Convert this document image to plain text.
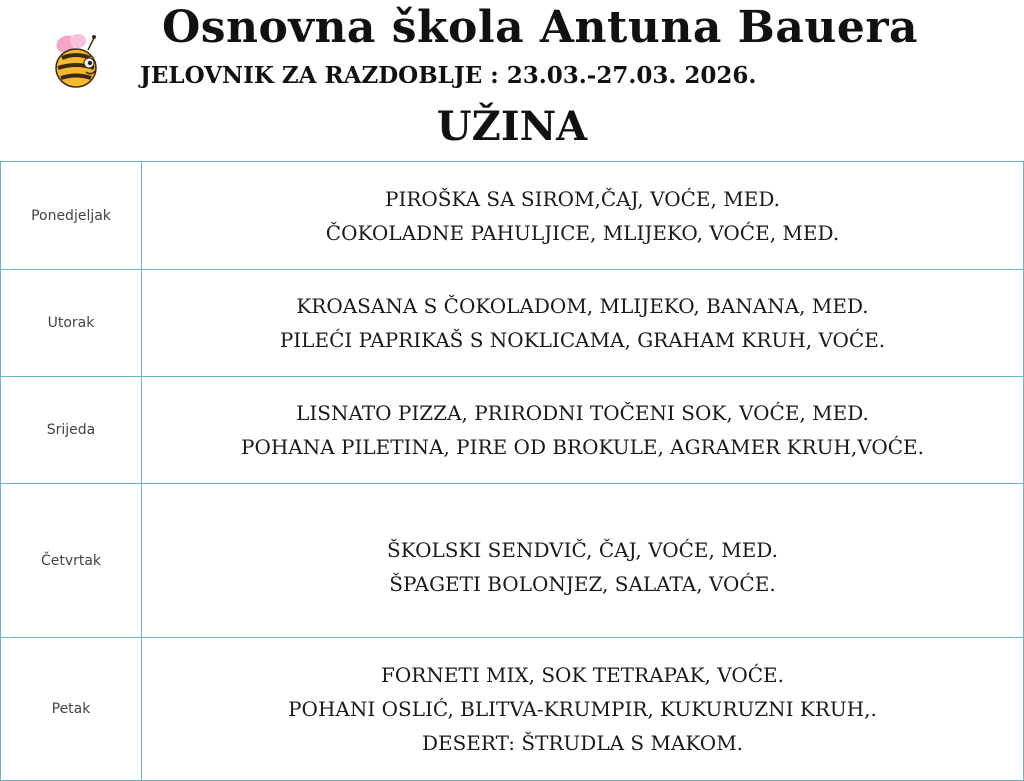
Osnovna škola Antuna Bauera
JELOVNIK ZA RAZDOBLJE : 23.03.-27.03. 2026.
UŽINA
Ponedjeljak	PIROŠKA SA SIROM,ČAJ, VOĆE, MED.
ČOKOLADNE PAHULJICE, MLIJEKO, VOĆE, MED.

Utorak	KROASANA S ČOKOLADOM, MLIJEKO, BANANA, MED.
PILEĆI PAPRIKAŠ S NOKLICAMA, GRAHAM KRUH, VOĆE.

Srijeda	LISNATO PIZZA, PRIRODNI TOČENI SOK, VOĆE, MED.
POHANA PILETINA, PIRE OD BROKULE, AGRAMER KRUH,VOĆE.

Četvrtak	ŠKOLSKI SENDVIČ, ČAJ, VOĆE, MED.
ŠPAGETI BOLONJEZ, SALATA, VOĆE.

Petak	FORNETI MIX, SOK TETRAPAK, VOĆE.
POHANI OSLIĆ, BLITVA-KRUMPIR, KUKURUZNI KRUH,.
DESERT: ŠTRUDLA S MAKOM.
